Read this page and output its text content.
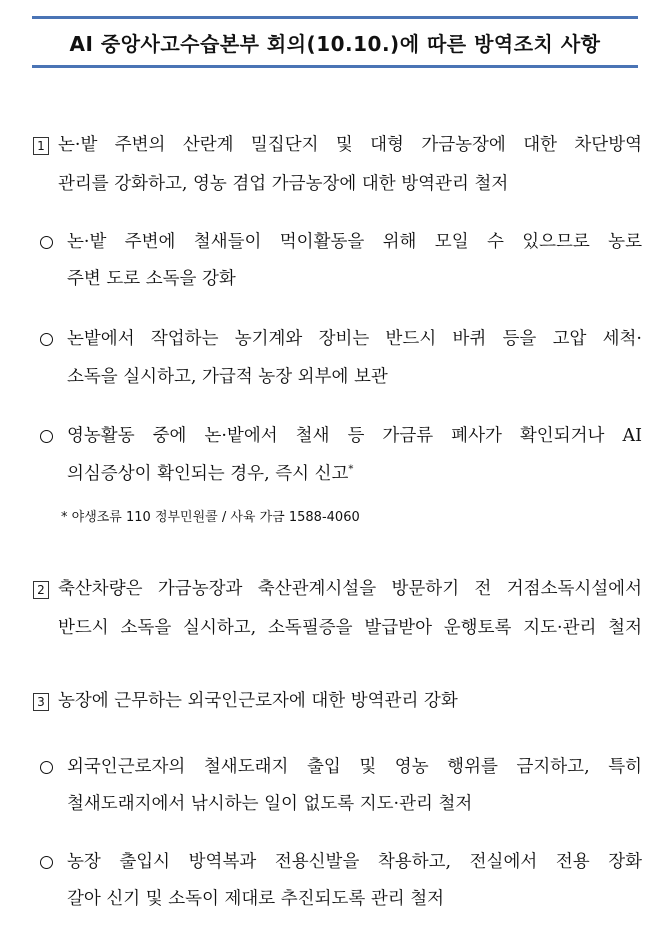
AI 중앙사고수습본부 회의(10.10.)에 따른 방역조치 사항
1 논·밭 주변의 산란계 밀집단지 및 대형 가금농장에 대한 차단방역
관리를 강화하고, 영농 겸업 가금농장에 대한 방역관리 철저
논·밭 주변에 철새들이 먹이활동을 위해 모일 수 있으므로 농로
주변 도로 소독을 강화
논밭에서 작업하는 농기계와 장비는 반드시 바퀴 등을 고압 세척·
소독을 실시하고, 가급적 농장 외부에 보관
영농활동 중에 논·밭에서 철새 등 가금류 폐사가 확인되거나 AI
의심증상이 확인되는 경우, 즉시 신고*
* 야생조류 110 정부민원콜 / 사육 가금 1588-4060
2 축산차량은 가금농장과 축산관계시설을 방문하기 전 거점소독시설에서
반드시 소독을 실시하고, 소독필증을 발급받아 운행토록 지도·관리 철저
3 농장에 근무하는 외국인근로자에 대한 방역관리 강화
외국인근로자의 철새도래지 출입 및 영농 행위를 금지하고, 특히
철새도래지에서 낚시하는 일이 없도록 지도·관리 철저
농장 출입시 방역복과 전용신발을 착용하고, 전실에서 전용 장화
갈아 신기 및 소독이 제대로 추진되도록 관리 철저
